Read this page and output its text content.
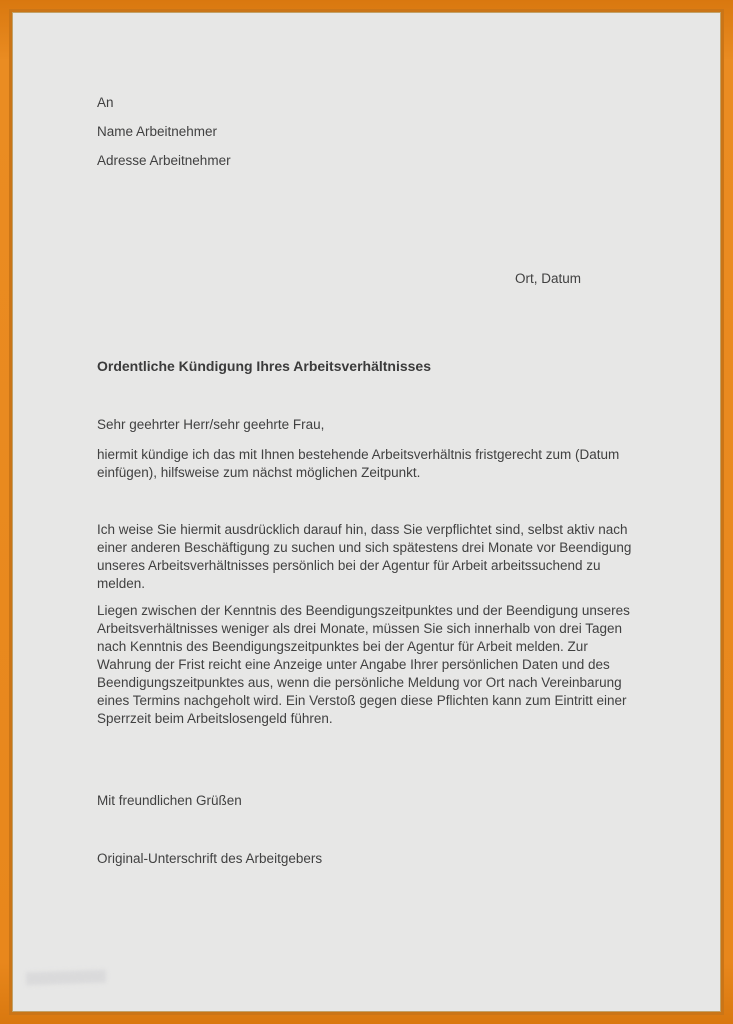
An

Name Arbeitnehmer

Adresse Arbeitnehmer

Ort, Datum
Ordentliche Kündigung Ihres Arbeitsverhältnisses
Sehr geehrter Herr/sehr geehrte Frau,
hiermit kündige ich das mit Ihnen bestehende Arbeitsverhältnis fristgerecht zum (Datum einfügen), hilfsweise zum nächst möglichen Zeitpunkt.
Ich weise Sie hiermit ausdrücklich darauf hin, dass Sie verpflichtet sind, selbst aktiv nach einer anderen Beschäftigung zu suchen und sich spätestens drei Monate vor Beendigung unseres Arbeitsverhältnisses persönlich bei der Agentur für Arbeit arbeitssuchend zu melden.
Liegen zwischen der Kenntnis des Beendigungszeitpunktes und der Beendigung unseres Arbeitsverhältnisses weniger als drei Monate, müssen Sie sich innerhalb von drei Tagen nach Kenntnis des Beendigungszeitpunktes bei der Agentur für Arbeit melden. Zur Wahrung der Frist reicht eine Anzeige unter Angabe Ihrer persönlichen Daten und des Beendigungszeitpunktes aus, wenn die persönliche Meldung vor Ort nach Vereinbarung eines Termins nachgeholt wird. Ein Verstoß gegen diese Pflichten kann zum Eintritt einer Sperrzeit beim Arbeitslosengeld führen.
Mit freundlichen Grüßen
Original-Unterschrift des Arbeitgebers
